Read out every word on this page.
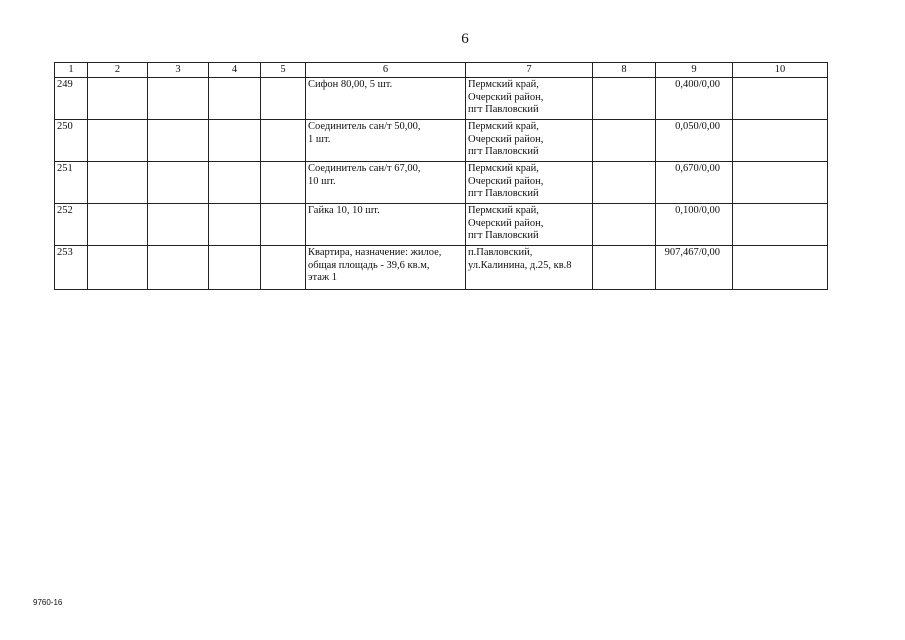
6
1	2	3	4	5	6	7	8	9	10
249					Сифон 80,00, 5 шт.	Пермский край,
Очерский район,
пгт Павловский		0,400/0,00	
250					Соединитель сан/т 50,00,
1 шт.	Пермский край,
Очерский район,
пгт Павловский		0,050/0,00	
251					Соединитель сан/т 67,00,
10 шт.	Пермский край,
Очерский район,
пгт Павловский		0,670/0,00	
252					Гайка 10, 10 шт.	Пермский край,
Очерский район,
пгт Павловский		0,100/0,00	
253					Квартира, назначение: жилое,
общая площадь - 39,6 кв.м,
этаж 1	п.Павловский,
ул.Калинина, д.25, кв.8		907,467/0,00	
9760-16
